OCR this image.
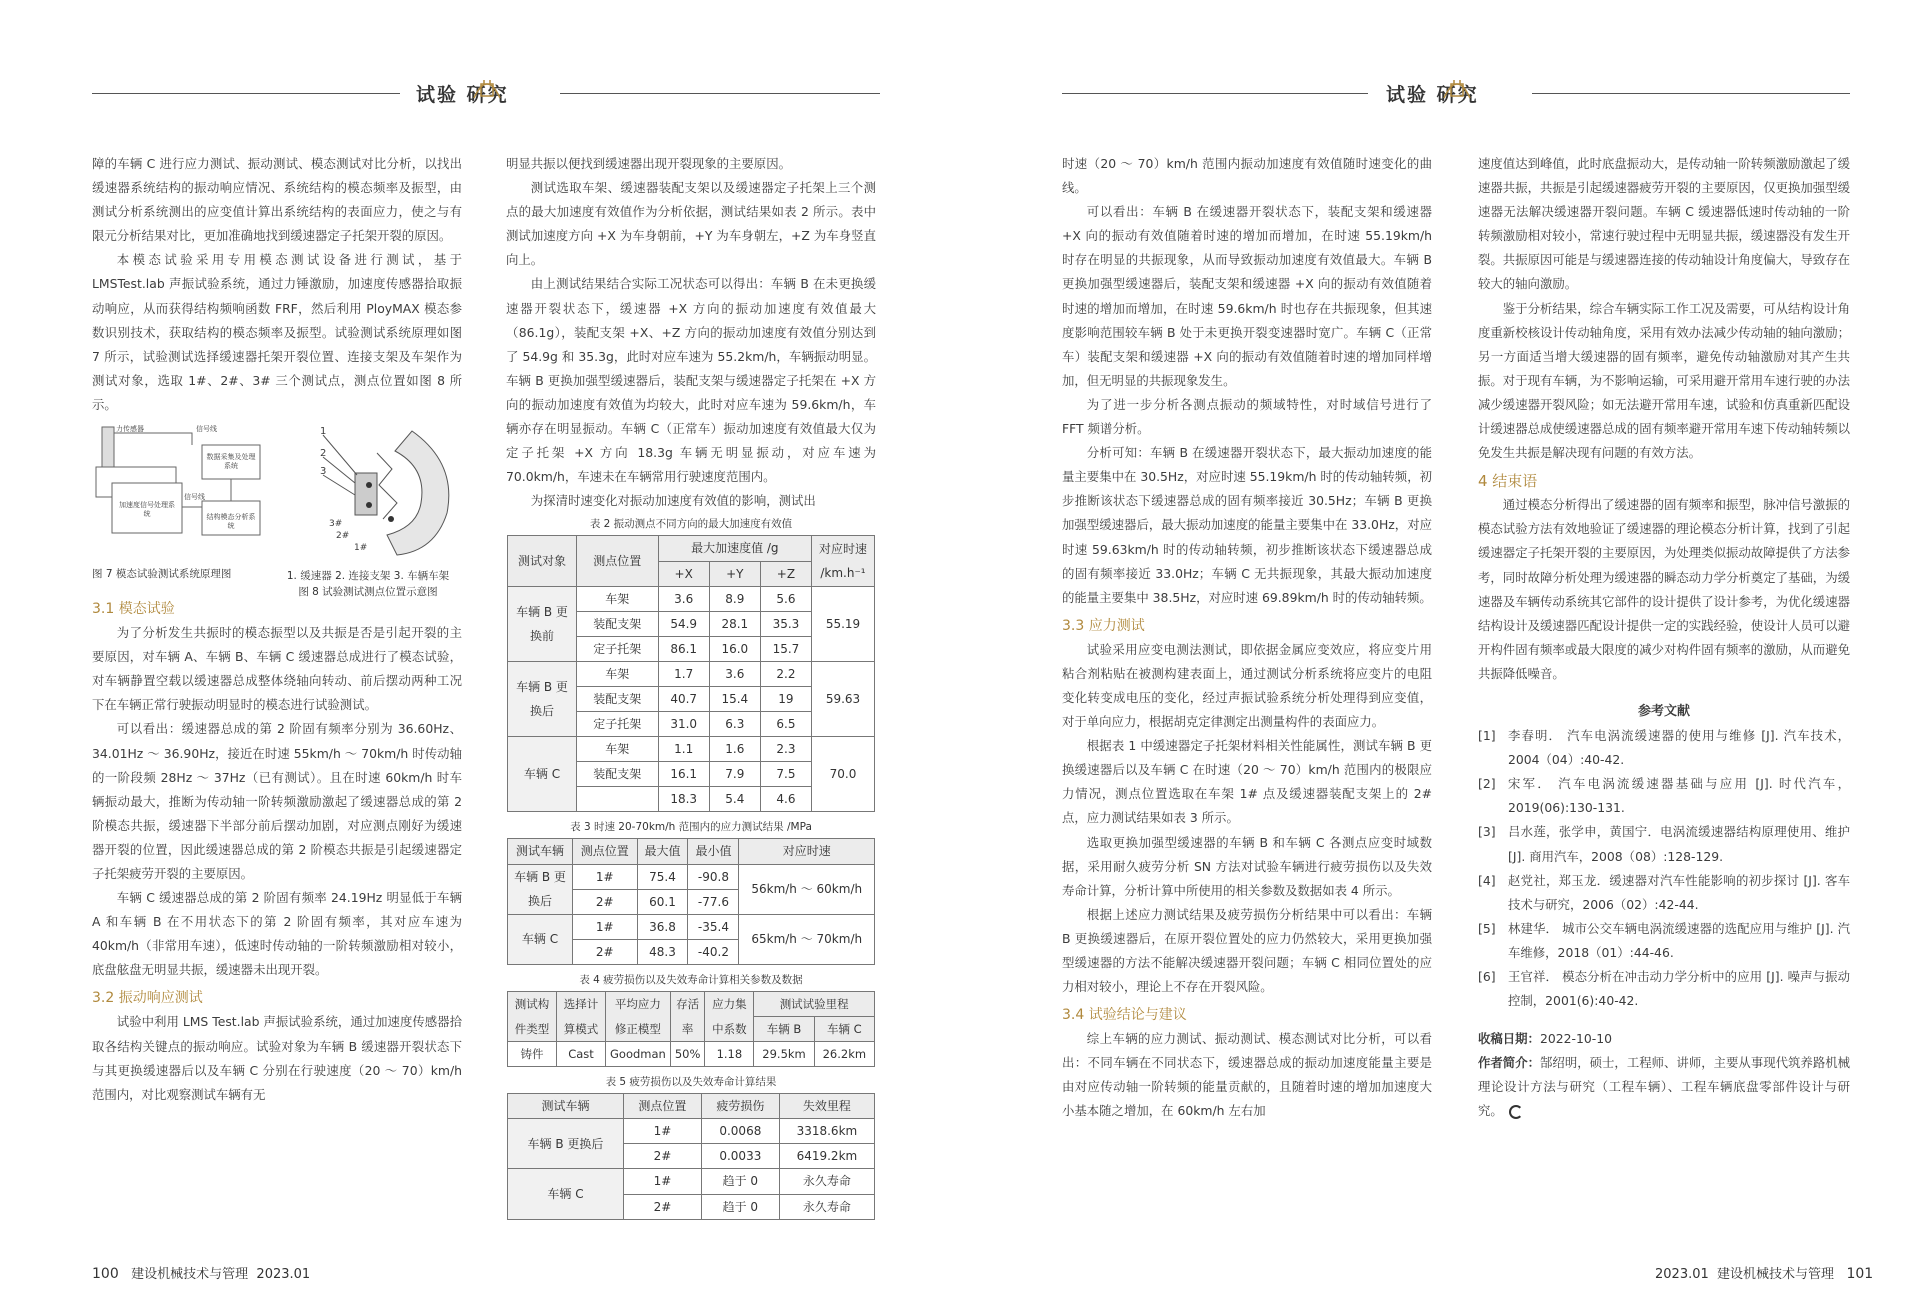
试验 研究	试验 研究

障的车辆 C 进行应力测试、振动测试、模态测试对比分析，以找出缓速器系统结构的振动响应情况、系统结构的模态频率及振型，由测试分析系统测出的应变值计算出系统结构的表面应力，使之与有限元分析结果对比，更加准确地找到缓速器定子托架开裂的原因。

本模态试验采用专用模态测试设备进行测试，基于 LMSTest.lab 声振试验系统，通过力锤激励，加速度传感器拾取振动响应，从而获得结构频响函数 FRF，然后利用 PloyMAX 模态参数识别技术，获取结构的模态频率及振型。试验测试系统原理如图 7 所示，试验测试选择缓速器托架开裂位置、连接支架及车架作为测试对象，选取 1#、2#、3# 三个测试点，测点位置如图 8 所示。

力传感器	信号线
数据采集及处理系统
信号线
加速度信号处理系统	结构模态分析系统
图 7 模态试验测试系统原理图
1
2
3
3#
2#
1#
1. 缓速器 2. 连接支架 3. 车辆车架
图 8 试验测试测点位置示意图
3.1 模态试验

为了分析发生共振时的模态振型以及共振是否是引起开裂的主要原因，对车辆 A、车辆 B、车辆 C 缓速器总成进行了模态试验，对车辆静置空载以缓速器总成整体绕轴向转动、前后摆动两种工况下在车辆正常行驶振动明显时的模态进行试验测试。

可以看出：缓速器总成的第 2 阶固有频率分别为 36.60Hz、34.01Hz ～ 36.90Hz，接近在时速 55km/h ～ 70km/h 时传动轴的一阶段频 28Hz ～ 37Hz（已有测试）。且在时速 60km/h 时车辆振动最大，推断为传动轴一阶转频激励激起了缓速器总成的第 2 阶模态共振，缓速器下半部分前后摆动加剧，对应测点刚好为缓速器开裂的位置，因此缓速器总成的第 2 阶模态共振是引起缓速器定子托架疲劳开裂的主要原因。

车辆 C 缓速器总成的第 2 阶固有频率 24.19Hz 明显低于车辆 A 和车辆 B 在不用状态下的第 2 阶固有频率，其对应车速为 40km/h（非常用车速），低速时传动轴的一阶转频激励相对较小，底盘舷盘无明显共振，缓速器未出现开裂。

3.2 振动响应测试

试验中利用 LMS Test.lab 声振试验系统，通过加速度传感器拾取各结构关键点的振动响应。试验对象为车辆 B 缓速器开裂状态下与其更换缓速器后以及车辆 C 分别在行驶速度（20 ～ 70）km/h 范围内，对比观察测试车辆有无

明显共振以便找到缓速器出现开裂现象的主要原因。

测试选取车架、缓速器装配支架以及缓速器定子托架上三个测点的最大加速度有效值作为分析依据，测试结果如表 2 所示。表中测试加速度方向 +X 为车身朝前，+Y 为车身朝左，+Z 为车身竖直向上。

由上测试结果结合实际工况状态可以得出：车辆 B 在未更换缓速器开裂状态下，缓速器 +X 方向的振动加速度有效值最大（86.1g），装配支架 +X、+Z 方向的振动加速度有效值分别达到了 54.9g 和 35.3g，此时对应车速为 55.2km/h，车辆振动明显。车辆 B 更换加强型缓速器后，装配支架与缓速器定子托架在 +X 方向的振动加速度有效值为均较大，此时对应车速为 59.6km/h，车辆亦存在明显振动。车辆 C（正常车）振动加速度有效值最大仅为定子托架 +X 方向 18.3g 车辆无明显振动，对应车速为 70.0km/h，车速未在车辆常用行驶速度范围内。

为探清时速变化对振动加速度有效值的影响，测试出

表 2 振动测点不同方向的最大加速度有效值
测试对象	测点位置	最大加速度值 /g			对应时速 /km.h⁻¹
		+X	+Y	+Z	
车辆 B 更换前	车架	3.6	8.9	5.6	55.19
	装配支架	54.9	28.1	35.3	
	定子托架	86.1	16.0	15.7	
车辆 B 更换后	车架	1.7	3.6	2.2	59.63
	装配支架	40.7	15.4	19	
	定子托架	31.0	6.3	6.5	
车辆 C	车架	1.1	1.6	2.3	70.0
	装配支架	16.1	7.9	7.5	
		18.3	5.4	4.6	
表 3 时速 20-70km/h 范围内的应力测试结果 /MPa
测试车辆	测点位置	最大值	最小值	对应时速
车辆 B 更换后	1#	75.4	-90.8	56km/h ～ 60km/h
	2#	60.1	-77.6	
车辆 C	1#	36.8	-35.4	65km/h ～ 70km/h
	2#	48.3	-40.2	
表 4 疲劳损伤以及失效寿命计算相关参数及数据
测试构件类型	选择计算模式	平均应力修正模型	存活率	应力集中系数	测试试验里程	
					车辆 B	车辆 C
铸件	Cast	Goodman	50%	1.18	29.5km	26.2km
表 5 疲劳损伤以及失效寿命计算结果
测试车辆	测点位置	疲劳损伤	失效里程
车辆 B 更换后	1#	0.0068	3318.6km
	2#	0.0033	6419.2km
车辆 C	1#	趋于 0	永久寿命
	2#	趋于 0	永久寿命

时速（20 ～ 70）km/h 范围内振动加速度有效值随时速变化的曲线。

可以看出：车辆 B 在缓速器开裂状态下，装配支架和缓速器 +X 向的振动有效值随着时速的增加而增加，在时速 55.19km/h 时存在明显的共振现象，从而导致振动加速度有效值最大。车辆 B 更换加强型缓速器后，装配支架和缓速器 +X 向的振动有效值随着时速的增加而增加，在时速 59.6km/h 时也存在共振现象，但其速度影响范围较车辆 B 处于未更换开裂变速器时宽广。车辆 C（正常车）装配支架和缓速器 +X 向的振动有效值随着时速的增加同样增加，但无明显的共振现象发生。

为了进一步分析各测点振动的频域特性，对时域信号进行了 FFT 频谱分析。

分析可知：车辆 B 在缓速器开裂状态下，最大振动加速度的能量主要集中在 30.5Hz，对应时速 55.19km/h 时的传动轴转频，初步推断该状态下缓速器总成的固有频率接近 30.5Hz；车辆 B 更换加强型缓速器后，最大振动加速度的能量主要集中在 33.0Hz，对应时速 59.63km/h 时的传动轴转频，初步推断该状态下缓速器总成的固有频率接近 33.0Hz；车辆 C 无共振现象，其最大振动加速度的能量主要集中 38.5Hz，对应时速 69.89km/h 时的传动轴转频。

3.3 应力测试

试验采用应变电测法测试，即依据金属应变效应，将应变片用粘合剂粘贴在被测构建表面上，通过测试分析系统将应变片的电阻变化转变成电压的变化，经过声振试验系统分析处理得到应变值，对于单向应力，根据胡克定律测定出测量构件的表面应力。

根据表 1 中缓速器定子托架材料相关性能属性，测试车辆 B 更换缓速器后以及车辆 C 在时速（20 ～ 70）km/h 范围内的极限应力情况，测点位置选取在车架 1# 点及缓速器装配支架上的 2# 点，应力测试结果如表 3 所示。

选取更换加强型缓速器的车辆 B 和车辆 C 各测点应变时域数据，采用耐久疲劳分析 SN 方法对试验车辆进行疲劳损伤以及失效寿命计算，分析计算中所使用的相关参数及数据如表 4 所示。

根据上述应力测试结果及疲劳损伤分析结果中可以看出：车辆 B 更换缓速器后，在原开裂位置处的应力仍然较大，采用更换加强型缓速器的方法不能解决缓速器开裂问题；车辆 C 相同位置处的应力相对较小，理论上不存在开裂风险。

3.4 试验结论与建议

综上车辆的应力测试、振动测试、模态测试对比分析，可以看出：不同车辆在不同状态下，缓速器总成的振动加速度能量主要是由对应传动轴一阶转频的能量贡献的，且随着时速的增加加速度大小基本随之增加，在 60km/h 左右加

速度值达到峰值，此时底盘振动大，是传动轴一阶转频激励激起了缓速器共振，共振是引起缓速器疲劳开裂的主要原因，仅更换加强型缓速器无法解决缓速器开裂问题。车辆 C 缓速器低速时传动轴的一阶转频激励相对较小，常速行驶过程中无明显共振，缓速器没有发生开裂。共振原因可能是与缓速器连接的传动轴设计角度偏大，导致存在较大的轴向激励。

鉴于分析结果，综合车辆实际工作工况及需要，可从结构设计角度重新校核设计传动轴角度，采用有效办法减少传动轴的轴向激励；另一方面适当增大缓速器的固有频率，避免传动轴激励对其产生共振。对于现有车辆，为不影响运输，可采用避开常用车速行驶的办法减少缓速器开裂风险；如无法避开常用车速，试验和仿真重新匹配设计缓速器总成使缓速器总成的固有频率避开常用车速下传动轴转频以免发生共振是解决现有问题的有效方法。

4 结束语

通过模态分析得出了缓速器的固有频率和振型，脉冲信号激振的模态试验方法有效地验证了缓速器的理论模态分析计算，找到了引起缓速器定子托架开裂的主要原因，为处理类似振动故障提供了方法参考，同时故障分析处理为缓速器的瞬态动力学分析奠定了基础，为缓速器及车辆传动系统其它部件的设计提供了设计参考，为优化缓速器结构设计及缓速器匹配设计提供一定的实践经验，使设计人员可以避开构件固有频率或最大限度的减少对构件固有频率的激励，从而避免共振降低噪音。

参考文献
[1]	李春明． 汽车电涡流缓速器的使用与维修 [J]. 汽车技术，2004（04）:40-42.
[2]	宋军． 汽车电涡流缓速器基础与应用 [J]. 时代汽车，2019(06):130-131.
[3]	吕水莲，张学申，黄国宁．电涡流缓速器结构原理使用、维护 [J]. 商用汽车，2008（08）:128-129.
[4]	赵党社，郑玉龙．缓速器对汽车性能影响的初步探讨 [J]. 客车技术与研究，2006（02）:42-44.
[5]	林建华． 城市公交车辆电涡流缓速器的选配应用与维护 [J]. 汽车维修，2018（01）:44-46.
[6]	王官祥． 模态分析在冲击动力学分析中的应用 [J]. 噪声与振动控制，2001(6):40-42.
收稿日期：2022-10-10
作者简介：郜绍明，硕士，工程师、讲师，主要从事现代筑养路机械理论设计方法与研究（工程车辆）、工程车辆底盘零部件设计与研究。
100 建设机械技术与管理 2023.01	2023.01 建设机械技术与管理 101
